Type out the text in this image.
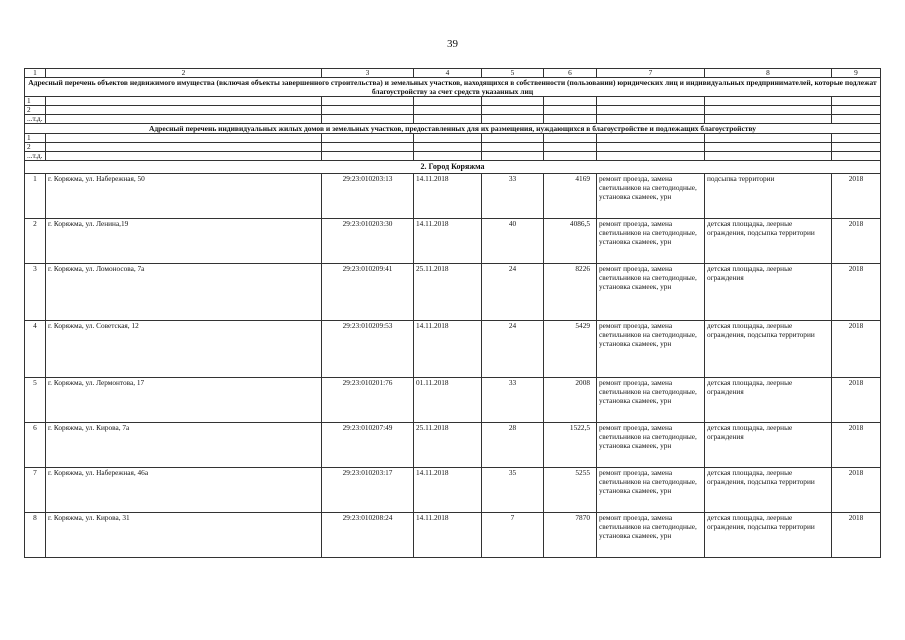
39
1	2	3	4	5	6	7	8	9
Адресный перечень объектов недвижимого имущества (включая объекты завершенного строительства) и земельных участков, находящихся в собственности (пользовании) юридических лиц и индивидуальных предпринимателей, которые подлежат благоустройству за счет средств указанных лиц								
1								
2								
...т.д.								
Адресный перечень индивидуальных жилых домов и земельных участков, предоставленных для их размещения, нуждающихся в благоустройстве и подлежащих благоустройству								
1								
2								
...т.д.								
2. Город Коряжма								
1	г. Коряжма, ул. Набережная, 50	29:23:010203:13	14.11.2018	33	4169	ремонт проезда, замена светильников на светодиодные, установка скамеек, урн	подсыпка территории	2018
2	г. Коряжма, ул. Ленина,19	29:23:010203:30	14.11.2018	40	4086,5	ремонт проезда, замена светильников на светодиодные, установка скамеек, урн	детская площадка, леерные ограждения, подсыпка территории	2018
3	г. Коряжма, ул. Ломоносова, 7а	29:23:010209:41	25.11.2018	24	8226	ремонт проезда, замена светильников на светодиодные, установка скамеек, урн	детская площадка, леерные ограждения	2018
4	г. Коряжма, ул. Советская, 12	29:23:010209:53	14.11.2018	24	5429	ремонт проезда, замена светильников на светодиодные, установка скамеек, урн	детская площадка, леерные ограждения, подсыпка территории	2018
5	г. Коряжма, ул. Лермонтова, 17	29:23:010201:76	01.11.2018	33	2008	ремонт проезда, замена светильников на светодиодные, установка скамеек, урн	детская площадка, леерные ограждения	2018
6	г. Коряжма, ул. Кирова, 7а	29:23:010207:49	25.11.2018	28	1522,5	ремонт проезда, замена светильников на светодиодные, установка скамеек, урн	детская площадка, леерные ограждения	2018
7	г. Коряжма, ул. Набережная, 46а	29:23:010203:17	14.11.2018	35	5255	ремонт проезда, замена светильников на светодиодные, установка скамеек, урн	детская площадка, леерные ограждения, подсыпка территории	2018
8	г. Коряжма, ул. Кирова, 31	29:23:010208:24	14.11.2018	7	7870	ремонт проезда, замена светильников на светодиодные, установка скамеек, урн	детская площадка, леерные ограждения, подсыпка территории	2018
